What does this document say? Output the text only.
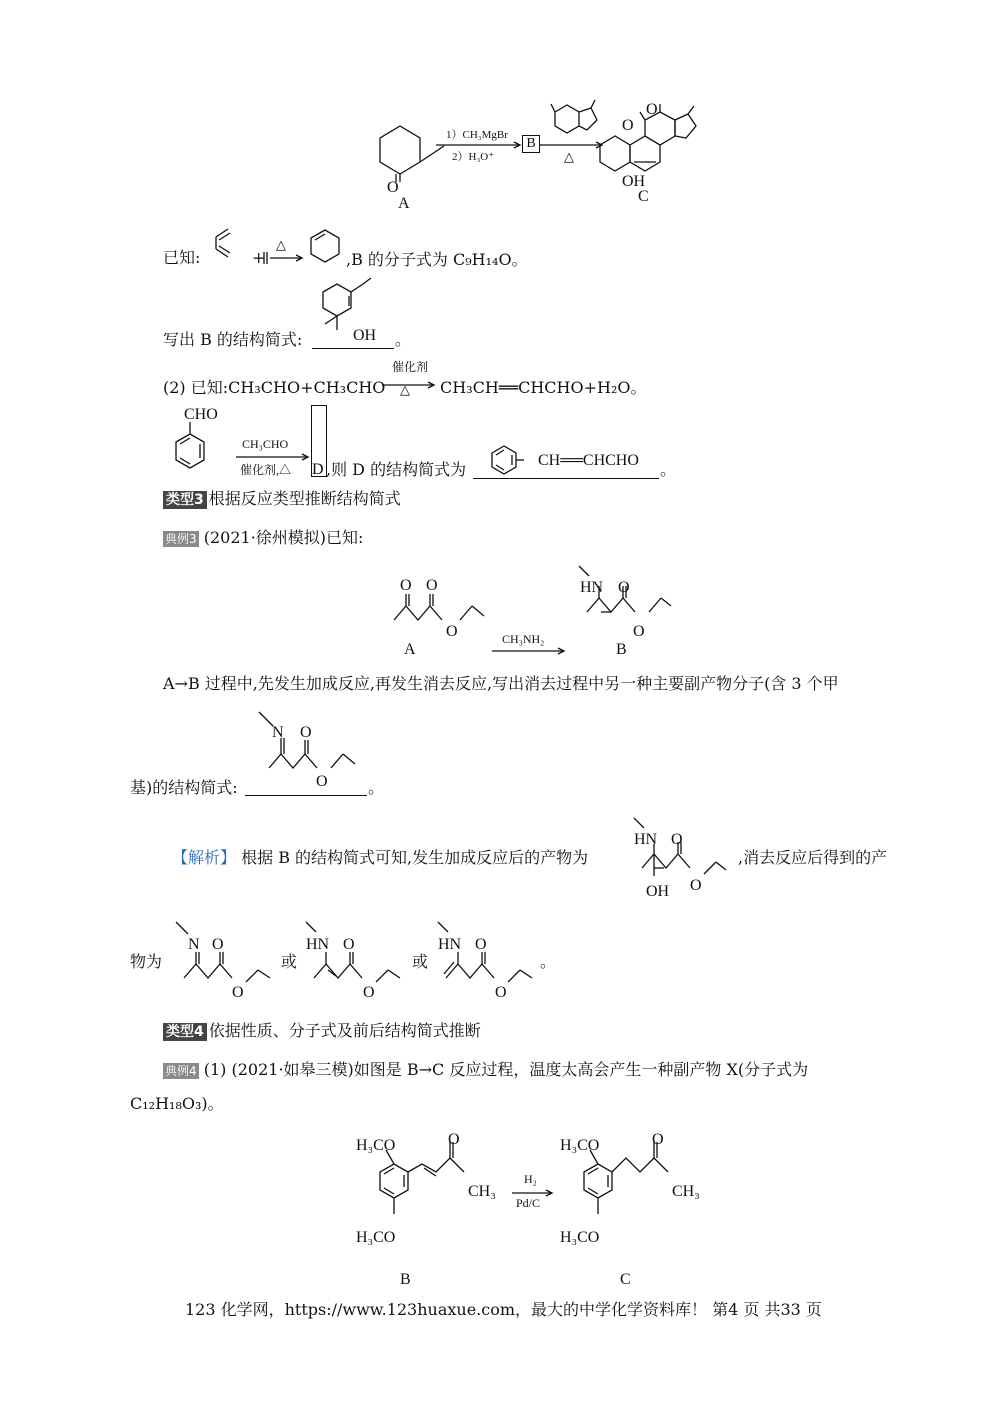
O
A
1）CH₃MgBr
2）H₃O⁺
B
△
O
O
OH
C
已知:	+
△
,B 的分子式为 C₉H₁₄O。
写出 B 的结构简式:	OH 。
(2) 已知:CH₃CHO+CH₃CHO
催化剂
△ CH₃CH══CHCHO+H₂O。
CHO
CH₃CHO
催化剂,△ D ,则 D 的结构简式为	CH══CHCHO 。
类型3 根据反应类型推断结构简式
典例3 (2021·徐州模拟)已知:
O O
O
A
CH₃NH₂
HN O
O
B
A→B 过程中,先发生加成反应,再发生消去反应,写出消去过程中另一种主要副产物分子(含 3 个甲
N O
O
基)的结构简式:	。
【解析】 根据 B 的结构简式可知,发生加成反应后的产物为
HN O
O
OH
,消去反应后得到的产
物为
N O
O
或
HN O
O
或
HN O
O
。
类型4 依据性质、分子式及前后结构简式推断
典例4 (1) (2021·如皋三模)如图是 B→C 反应过程，温度太高会产生一种副产物 X(分子式为
C₁₂H₁₈O₃)。
H₃CO	O
CH₃
H₃CO
B
H₂
Pd/C
H₃CO	O
CH₃
H₃CO
C
123 化学网，https://www.123huaxue.com，最大的中学化学资料库！ 第4 页 共33 页
